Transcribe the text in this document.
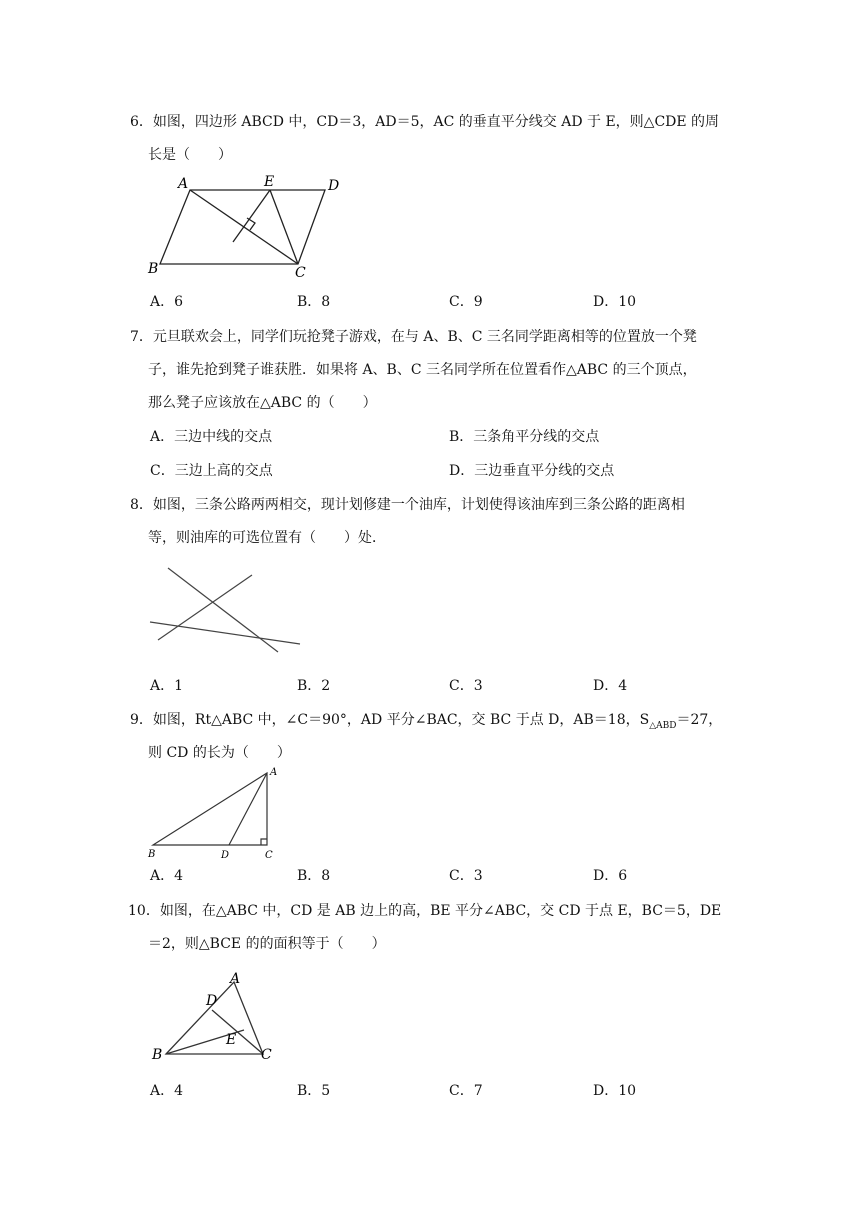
6．如图，四边形 ABCD 中，CD＝3，AD＝5，AC 的垂直平分线交 AD 于 E，则△CDE 的周
长是（　　）
A	E	D
B	C
A．6	B．8	C．9	D．10
7．元旦联欢会上，同学们玩抢凳子游戏，在与 A、B、C 三名同学距离相等的位置放一个凳
子，谁先抢到凳子谁获胜．如果将 A、B、C 三名同学所在位置看作△ABC 的三个顶点，
那么凳子应该放在△ABC 的（　　）
A．三边中线的交点	B．三条角平分线的交点
C．三边上高的交点	D．三边垂直平分线的交点
8．如图，三条公路两两相交，现计划修建一个油库，计划使得该油库到三条公路的距离相
等，则油库的可选位置有（　　）处．
A．1	B．2	C．3	D．4
9．如图，Rt△ABC 中，∠C＝90°，AD 平分∠BAC，交 BC 于点 D，AB＝18，$S_{\triangle ABD}=27$，
则 CD 的长为（　　）
A
B	D	C
A．4	B．8	C．3	D．6
10．如图，在△ABC 中，CD 是 AB 边上的高，BE 平分∠ABC，交 CD 于点 E，BC＝5，DE
＝2，则△BCE 的的面积等于（　　）
A
D
E
B	C
A．4	B．5	C．7	D．10
